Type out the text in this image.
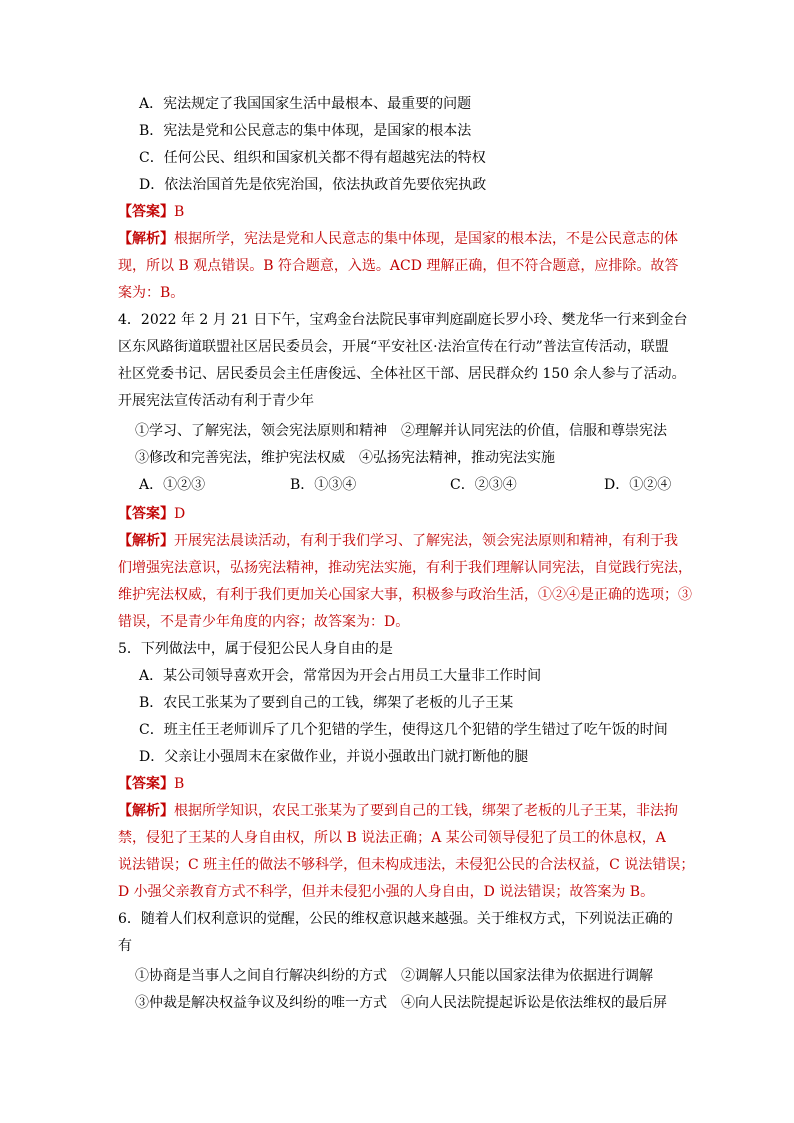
A．宪法规定了我国国家生活中最根本、最重要的问题
B．宪法是党和公民意志的集中体现，是国家的根本法
C．任何公民、组织和国家机关都不得有超越宪法的特权
D．依法治国首先是依宪治国，依法执政首先要依宪执政
【答案】B
【解析】根据所学，宪法是党和人民意志的集中体现，是国家的根本法，不是公民意志的体
现，所以 B 观点错误。B 符合题意，入选。ACD 理解正确，但不符合题意，应排除。故答
案为：B。
4．2022 年 2 月 21 日下午，宝鸡金台法院民事审判庭副庭长罗小玲、樊龙华一行来到金台
区东风路街道联盟社区居民委员会，开展“平安社区·法治宣传在行动”普法宣传活动，联盟
社区党委书记、居民委员会主任唐俊远、全体社区干部、居民群众约 150 余人参与了活动。
开展宪法宣传活动有利于青少年
①学习、了解宪法，领会宪法原则和精神　②理解并认同宪法的价值，信服和尊崇宪法
③修改和完善宪法，维护宪法权威　④弘扬宪法精神，推动宪法实施
A．①②③	B．①③④	C．②③④	D．①②④
【答案】D
【解析】开展宪法晨读活动，有利于我们学习、了解宪法，领会宪法原则和精神，有利于我
们增强宪法意识，弘扬宪法精神，推动宪法实施，有利于我们理解认同宪法，自觉践行宪法，
维护宪法权威，有利于我们更加关心国家大事，积极参与政治生活，①②④是正确的选项；③
错误，不是青少年角度的内容；故答案为：D。
5．下列做法中，属于侵犯公民人身自由的是
A．某公司领导喜欢开会，常常因为开会占用员工大量非工作时间
B．农民工张某为了要到自己的工钱，绑架了老板的儿子王某
C．班主任王老师训斥了几个犯错的学生，使得这几个犯错的学生错过了吃午饭的时间
D．父亲让小强周末在家做作业，并说小强敢出门就打断他的腿
【答案】B
【解析】根据所学知识，农民工张某为了要到自己的工钱，绑架了老板的儿子王某，非法拘
禁，侵犯了王某的人身自由权，所以 B 说法正确；A 某公司领导侵犯了员工的休息权，A
说法错误；C 班主任的做法不够科学，但未构成违法，未侵犯公民的合法权益，C 说法错误；
D 小强父亲教育方式不科学，但并未侵犯小强的人身自由，D 说法错误；故答案为 B。
6．随着人们权利意识的觉醒，公民的维权意识越来越强。关于维权方式，下列说法正确的
有
①协商是当事人之间自行解决纠纷的方式　②调解人只能以国家法律为依据进行调解
③仲裁是解决权益争议及纠纷的唯一方式　④向人民法院提起诉讼是依法维权的最后屏
